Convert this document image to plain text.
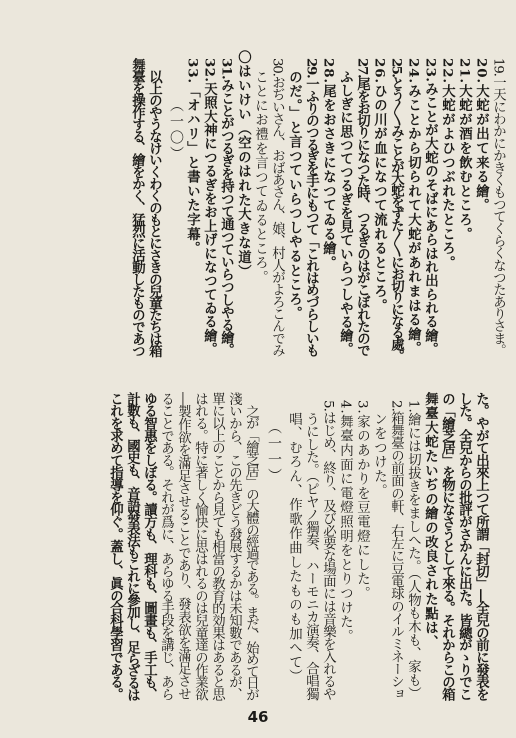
19.一天にわかにかきくもつてくらくなつたありさま。
20.大蛇が出て来る繪。
21.大蛇が酒を飲むところ。
22.大蛇がよひつぶれたところ。
23.みことが大蛇のそばにあらはれ出られる繪。
24.みことから切られて大蛇があれまはる繪。
25.とう〳〵みことが大蛇をずた〳〵にお切りになる處。
26.ひの川が血になつて流れるところ。
27.尾をお切りになつた時、つるぎのはがこぼれたので
ふしぎに思つてつるぎを見ていらつしやる繪。
28.尾をおさきになつてゐる繪。
29.一ふりのつるぎを手にもつて「これはめづらしいも
のだ。」と言つていらつしやるところ。
30.おぢいさん、おばあさん、娘、村人がよろこんでみ
ことにお禮を言つてゐるところ。
〇はいけい（空のはれた大きな道）
31.みことがつるぎを持つて通つていらつしやる繪。
32.天照大神につるぎをお上げになつてゐる繪。
33.「オハリ」と書いた字幕。
（一〇）
以上のやうなけいくわくのもとにさきの兒童たちは箱
舞臺を操作する、繪をかく、猛烈に活動したものであつ
た。やがて出來上つて所謂「封切」―全兒の前に發表を
した。全兒からの批評がさかんに出た。皆總がゝりでこ
の「繪芝居」を物になさうとして來る。それからこの箱
舞臺大蛇たいぢの繪の改良された點は、
1.繪には切拔きをましへた。（人物も木も、家も）
2.箱舞臺の前面の軒、右左に豆電球のイルミネーショ
ンをつけた。
3.家のあかりを豆電燈にした。
4.舞臺内面に電燈照明をとりつけた。
5.はじめ、終り、及び必要な場面には音樂を入れるや
うにした。（ピヤノ獨奏、ハーモニカ演奏、合唱獨
唱、むろん、作歌作曲したものも加へて）
（一一）
之が「繪芝居」の大體の經過である。まだ、始めて日が
淺いから、この先きどう發展するかは未知數であるが、
單に以上のことから見ても相當の教育的効果はあると思
はれる。特に著しく愉快に思はれるのは兒童達の作業欲
―製作欲を滿足させることであり、發表欲を滿足させ
ることである。それが爲に、あらゆる手段を講じ、あら
ゆる智惠をしぼる。讀方も、理科も、圖畫も、手工も、
計數も、國史も、音語發表法もこれに參加し、足らざるは
これを求めて指導を仰ぐ。蓋し、眞の合科學習である。
46
